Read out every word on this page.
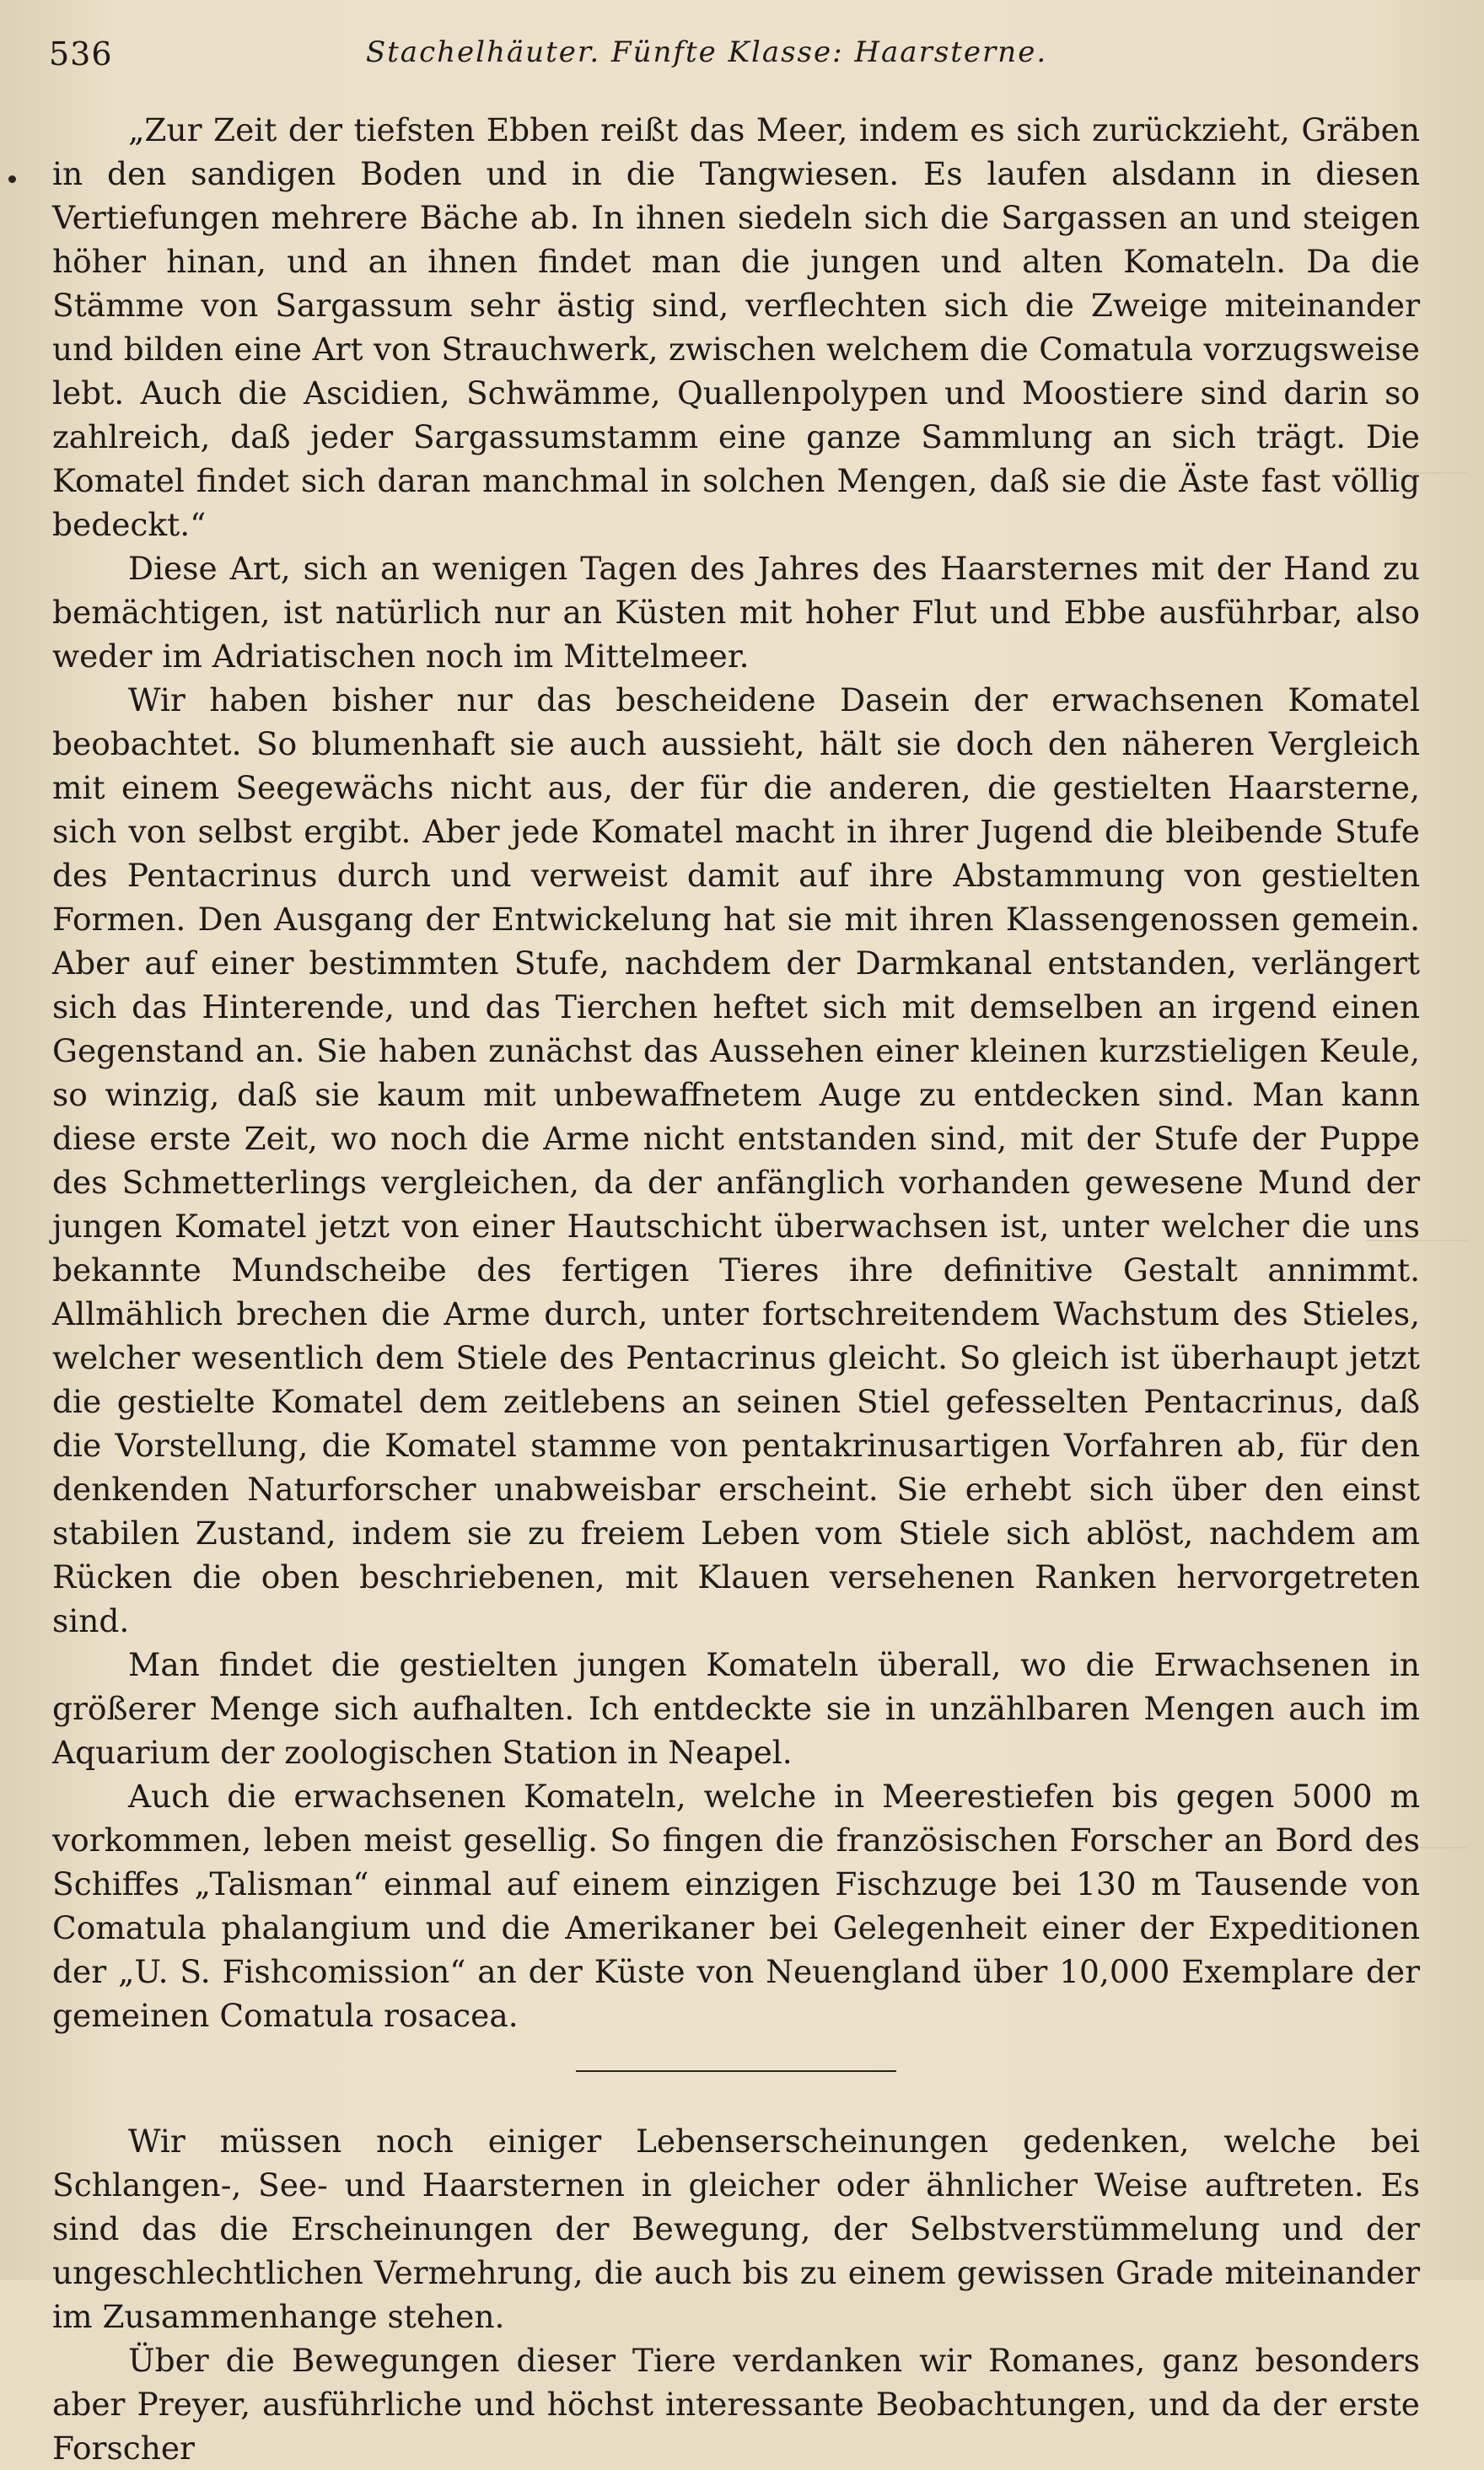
536	Stachelhäuter. Fünfte Klasse: Haarsterne.

„Zur Zeit der tiefsten Ebben reißt das Meer, indem es sich zurückzieht, Gräben in den sandigen Boden und in die Tangwiesen. Es laufen alsdann in diesen Vertiefungen mehrere Bäche ab. In ihnen siedeln sich die Sargassen an und steigen höher hinan, und an ihnen findet man die jungen und alten Komateln. Da die Stämme von Sargassum sehr ästig sind, verflechten sich die Zweige miteinander und bilden eine Art von Strauchwerk, zwischen welchem die Comatula vorzugsweise lebt. Auch die Ascidien, Schwämme, Quallenpolypen und Moostiere sind darin so zahlreich, daß jeder Sargassumstamm eine ganze Sammlung an sich trägt. Die Komatel findet sich daran manchmal in solchen Mengen, daß sie die Äste fast völlig bedeckt.“

Diese Art, sich an wenigen Tagen des Jahres des Haarsternes mit der Hand zu bemächtigen, ist natürlich nur an Küsten mit hoher Flut und Ebbe ausführbar, also weder im Adriatischen noch im Mittelmeer.

Wir haben bisher nur das bescheidene Dasein der erwachsenen Komatel beobachtet. So blumenhaft sie auch aussieht, hält sie doch den näheren Vergleich mit einem Seegewächs nicht aus, der für die anderen, die gestielten Haarsterne, sich von selbst ergibt. Aber jede Komatel macht in ihrer Jugend die bleibende Stufe des Pentacrinus durch und verweist damit auf ihre Abstammung von gestielten Formen. Den Ausgang der Entwickelung hat sie mit ihren Klassengenossen gemein. Aber auf einer bestimmten Stufe, nachdem der Darmkanal entstanden, verlängert sich das Hinterende, und das Tierchen heftet sich mit demselben an irgend einen Gegenstand an. Sie haben zunächst das Aussehen einer kleinen kurzstieligen Keule, so winzig, daß sie kaum mit unbewaffnetem Auge zu entdecken sind. Man kann diese erste Zeit, wo noch die Arme nicht entstanden sind, mit der Stufe der Puppe des Schmetterlings vergleichen, da der anfänglich vorhanden gewesene Mund der jungen Komatel jetzt von einer Hautschicht überwachsen ist, unter welcher die uns bekannte Mundscheibe des fertigen Tieres ihre definitive Gestalt annimmt. Allmählich brechen die Arme durch, unter fortschreitendem Wachstum des Stieles, welcher wesentlich dem Stiele des Pentacrinus gleicht. So gleich ist überhaupt jetzt die gestielte Komatel dem zeitlebens an seinen Stiel gefesselten Pentacrinus, daß die Vorstellung, die Komatel stamme von pentakrinusartigen Vorfahren ab, für den denkenden Naturforscher unabweisbar erscheint. Sie erhebt sich über den einst stabilen Zustand, indem sie zu freiem Leben vom Stiele sich ablöst, nachdem am Rücken die oben beschriebenen, mit Klauen versehenen Ranken hervorgetreten sind.

Man findet die gestielten jungen Komateln überall, wo die Erwachsenen in größerer Menge sich aufhalten. Ich entdeckte sie in unzählbaren Mengen auch im Aquarium der zoologischen Station in Neapel.

Auch die erwachsenen Komateln, welche in Meerestiefen bis gegen 5000 m vorkommen, leben meist gesellig. So fingen die französischen Forscher an Bord des Schiffes „Talisman“ einmal auf einem einzigen Fischzuge bei 130 m Tausende von Comatula phalangium und die Amerikaner bei Gelegenheit einer der Expeditionen der „U. S. Fishcomission“ an der Küste von Neuengland über 10,000 Exemplare der gemeinen Comatula rosacea.

Wir müssen noch einiger Lebenserscheinungen gedenken, welche bei Schlangen-, See- und Haarsternen in gleicher oder ähnlicher Weise auftreten. Es sind das die Erscheinungen der Bewegung, der Selbstverstümmelung und der ungeschlechtlichen Vermehrung, die auch bis zu einem gewissen Grade miteinander im Zusammenhange stehen.

Über die Bewegungen dieser Tiere verdanken wir Romanes, ganz besonders aber Preyer, ausführliche und höchst interessante Beobachtungen, und da der erste Forscher
